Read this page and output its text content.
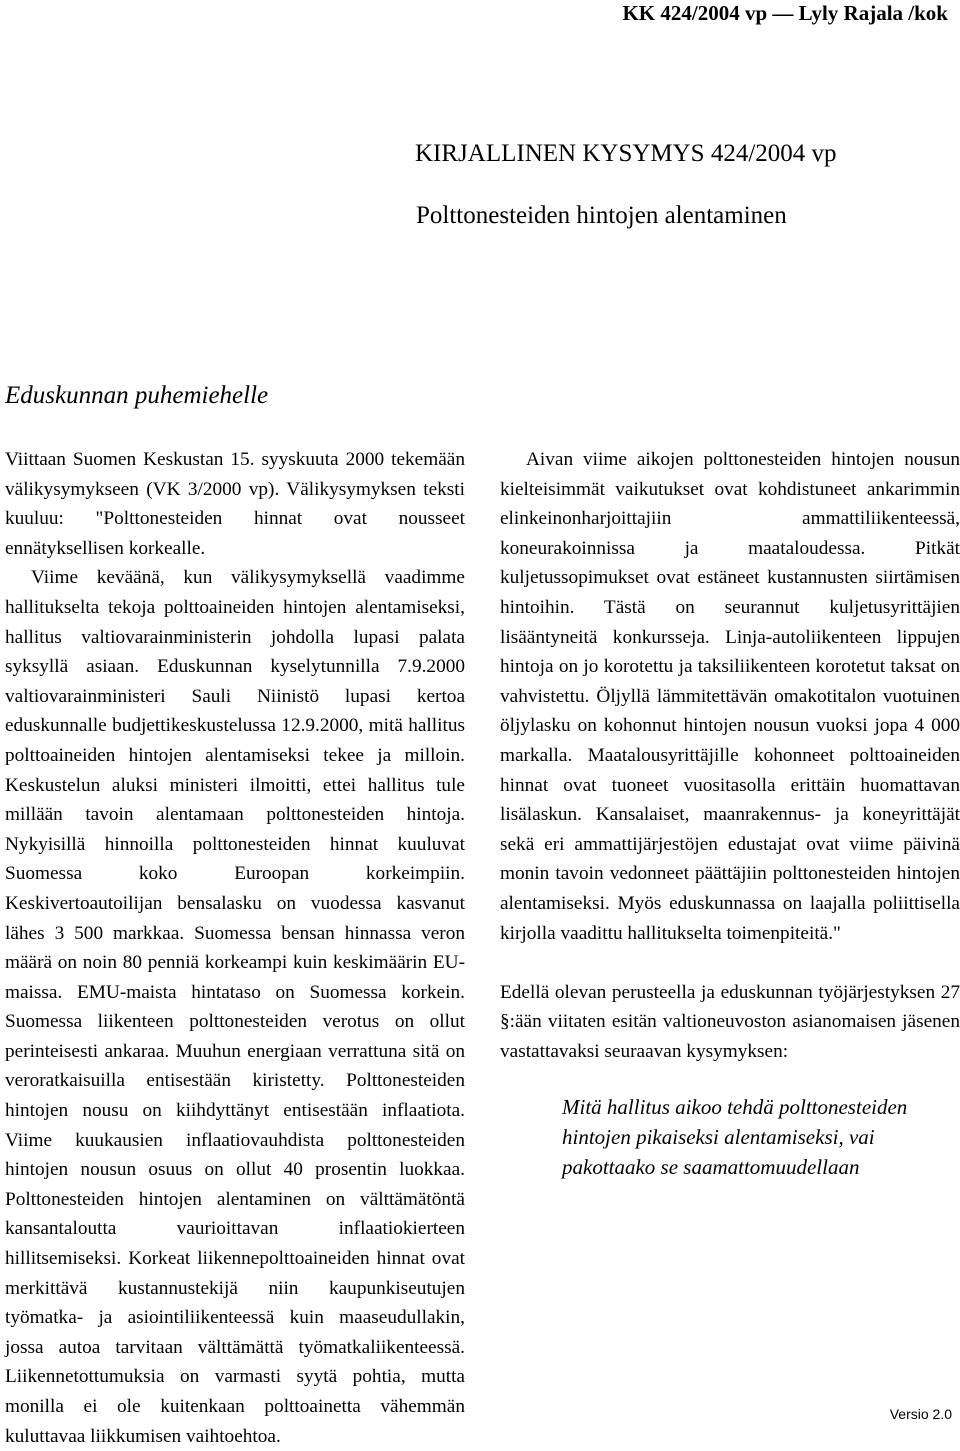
KK 424/2004 vp — Lyly Rajala /kok
KIRJALLINEN KYSYMYS 424/2004 vp
Polttonesteiden hintojen alentaminen
Eduskunnan puhemiehelle

Viittaan Suomen Keskustan 15. syyskuuta 2000 tekemään välikysymykseen (VK 3/2000 vp). Välikysymyksen teksti kuuluu: "Polttonesteiden hinnat ovat nousseet ennätyksellisen korkealle.

Viime keväänä, kun välikysymyksellä vaadimme hallitukselta tekoja polttoaineiden hintojen alentamiseksi, hallitus valtiovarainministerin johdolla lupasi palata syksyllä asiaan. Eduskunnan kyselytunnilla 7.9.2000 valtiovarainministeri Sauli Niinistö lupasi kertoa eduskunnalle budjettikeskustelussa 12.9.2000, mitä hallitus polttoaineiden hintojen alentamiseksi tekee ja milloin. Keskustelun aluksi ministeri ilmoitti, ettei hallitus tule millään tavoin alentamaan polttonesteiden hintoja. Nykyisillä hinnoilla polttonesteiden hinnat kuuluvat Suomessa koko Euroopan korkeimpiin. Keskivertoautoilijan bensalasku on vuodessa kasvanut lähes 3 500 markkaa. Suomessa bensan hinnassa veron määrä on noin 80 penniä korkeampi kuin keskimäärin EU-maissa. EMU-maista hintataso on Suomessa korkein. Suomessa liikenteen polttonesteiden verotus on ollut perinteisesti ankaraa. Muuhun energiaan verrattuna sitä on veroratkaisuilla entisestään kiristetty. Polttonesteiden hintojen nousu on kiihdyttänyt entisestään inflaatiota. Viime kuukausien inflaatiovauhdista polttonesteiden hintojen nousun osuus on ollut 40 prosentin luokkaa. Polttonesteiden hintojen alentaminen on välttämätöntä kansantaloutta vaurioittavan inflaatiokierteen hillitsemiseksi. Korkeat liikennepolttoaineiden hinnat ovat merkittävä kustannustekijä niin kaupunkiseutujen työmatka- ja asiointiliikenteessä kuin maaseudullakin, jossa autoa tarvitaan välttämättä työmatkaliikenteessä. Liikennetottumuksia on varmasti syytä pohtia, mutta monilla ei ole kuitenkaan polttoainetta vähemmän kuluttavaa liikkumisen vaihtoehtoa.

Aivan viime aikojen polttonesteiden hintojen nousun kielteisimmät vaikutukset ovat kohdistuneet ankarimmin elinkeinonharjoittajiin ammattiliikenteessä, koneurakoinnissa ja maataloudessa. Pitkät kuljetussopimukset ovat estäneet kustannusten siirtämisen hintoihin. Tästä on seurannut kuljetusyrittäjien lisääntyneitä konkursseja. Linja-autoliikenteen lippujen hintoja on jo korotettu ja taksiliikenteen korotetut taksat on vahvistettu. Öljyllä lämmitettävän omakotitalon vuotuinen öljylasku on kohonnut hintojen nousun vuoksi jopa 4 000 markalla. Maatalousyrittäjille kohonneet polttoaineiden hinnat ovat tuoneet vuositasolla erittäin huomattavan lisälaskun. Kansalaiset, maanrakennus- ja koneyrittäjät sekä eri ammattijärjestöjen edustajat ovat viime päivinä monin tavoin vedonneet päättäjiin polttonesteiden hintojen alentamiseksi. Myös eduskunnassa on laajalla poliittisella kirjolla vaadittu hallitukselta toimenpiteitä."

Edellä olevan perusteella ja eduskunnan työjärjestyksen 27 §:ään viitaten esitän valtioneuvoston asianomaisen jäsenen vastattavaksi seuraavan kysymyksen:

Mitä hallitus aikoo tehdä polttonesteiden hintojen pikaiseksi alentamiseksi, vai pakottaako se saamattomuudellaan

Versio 2.0
